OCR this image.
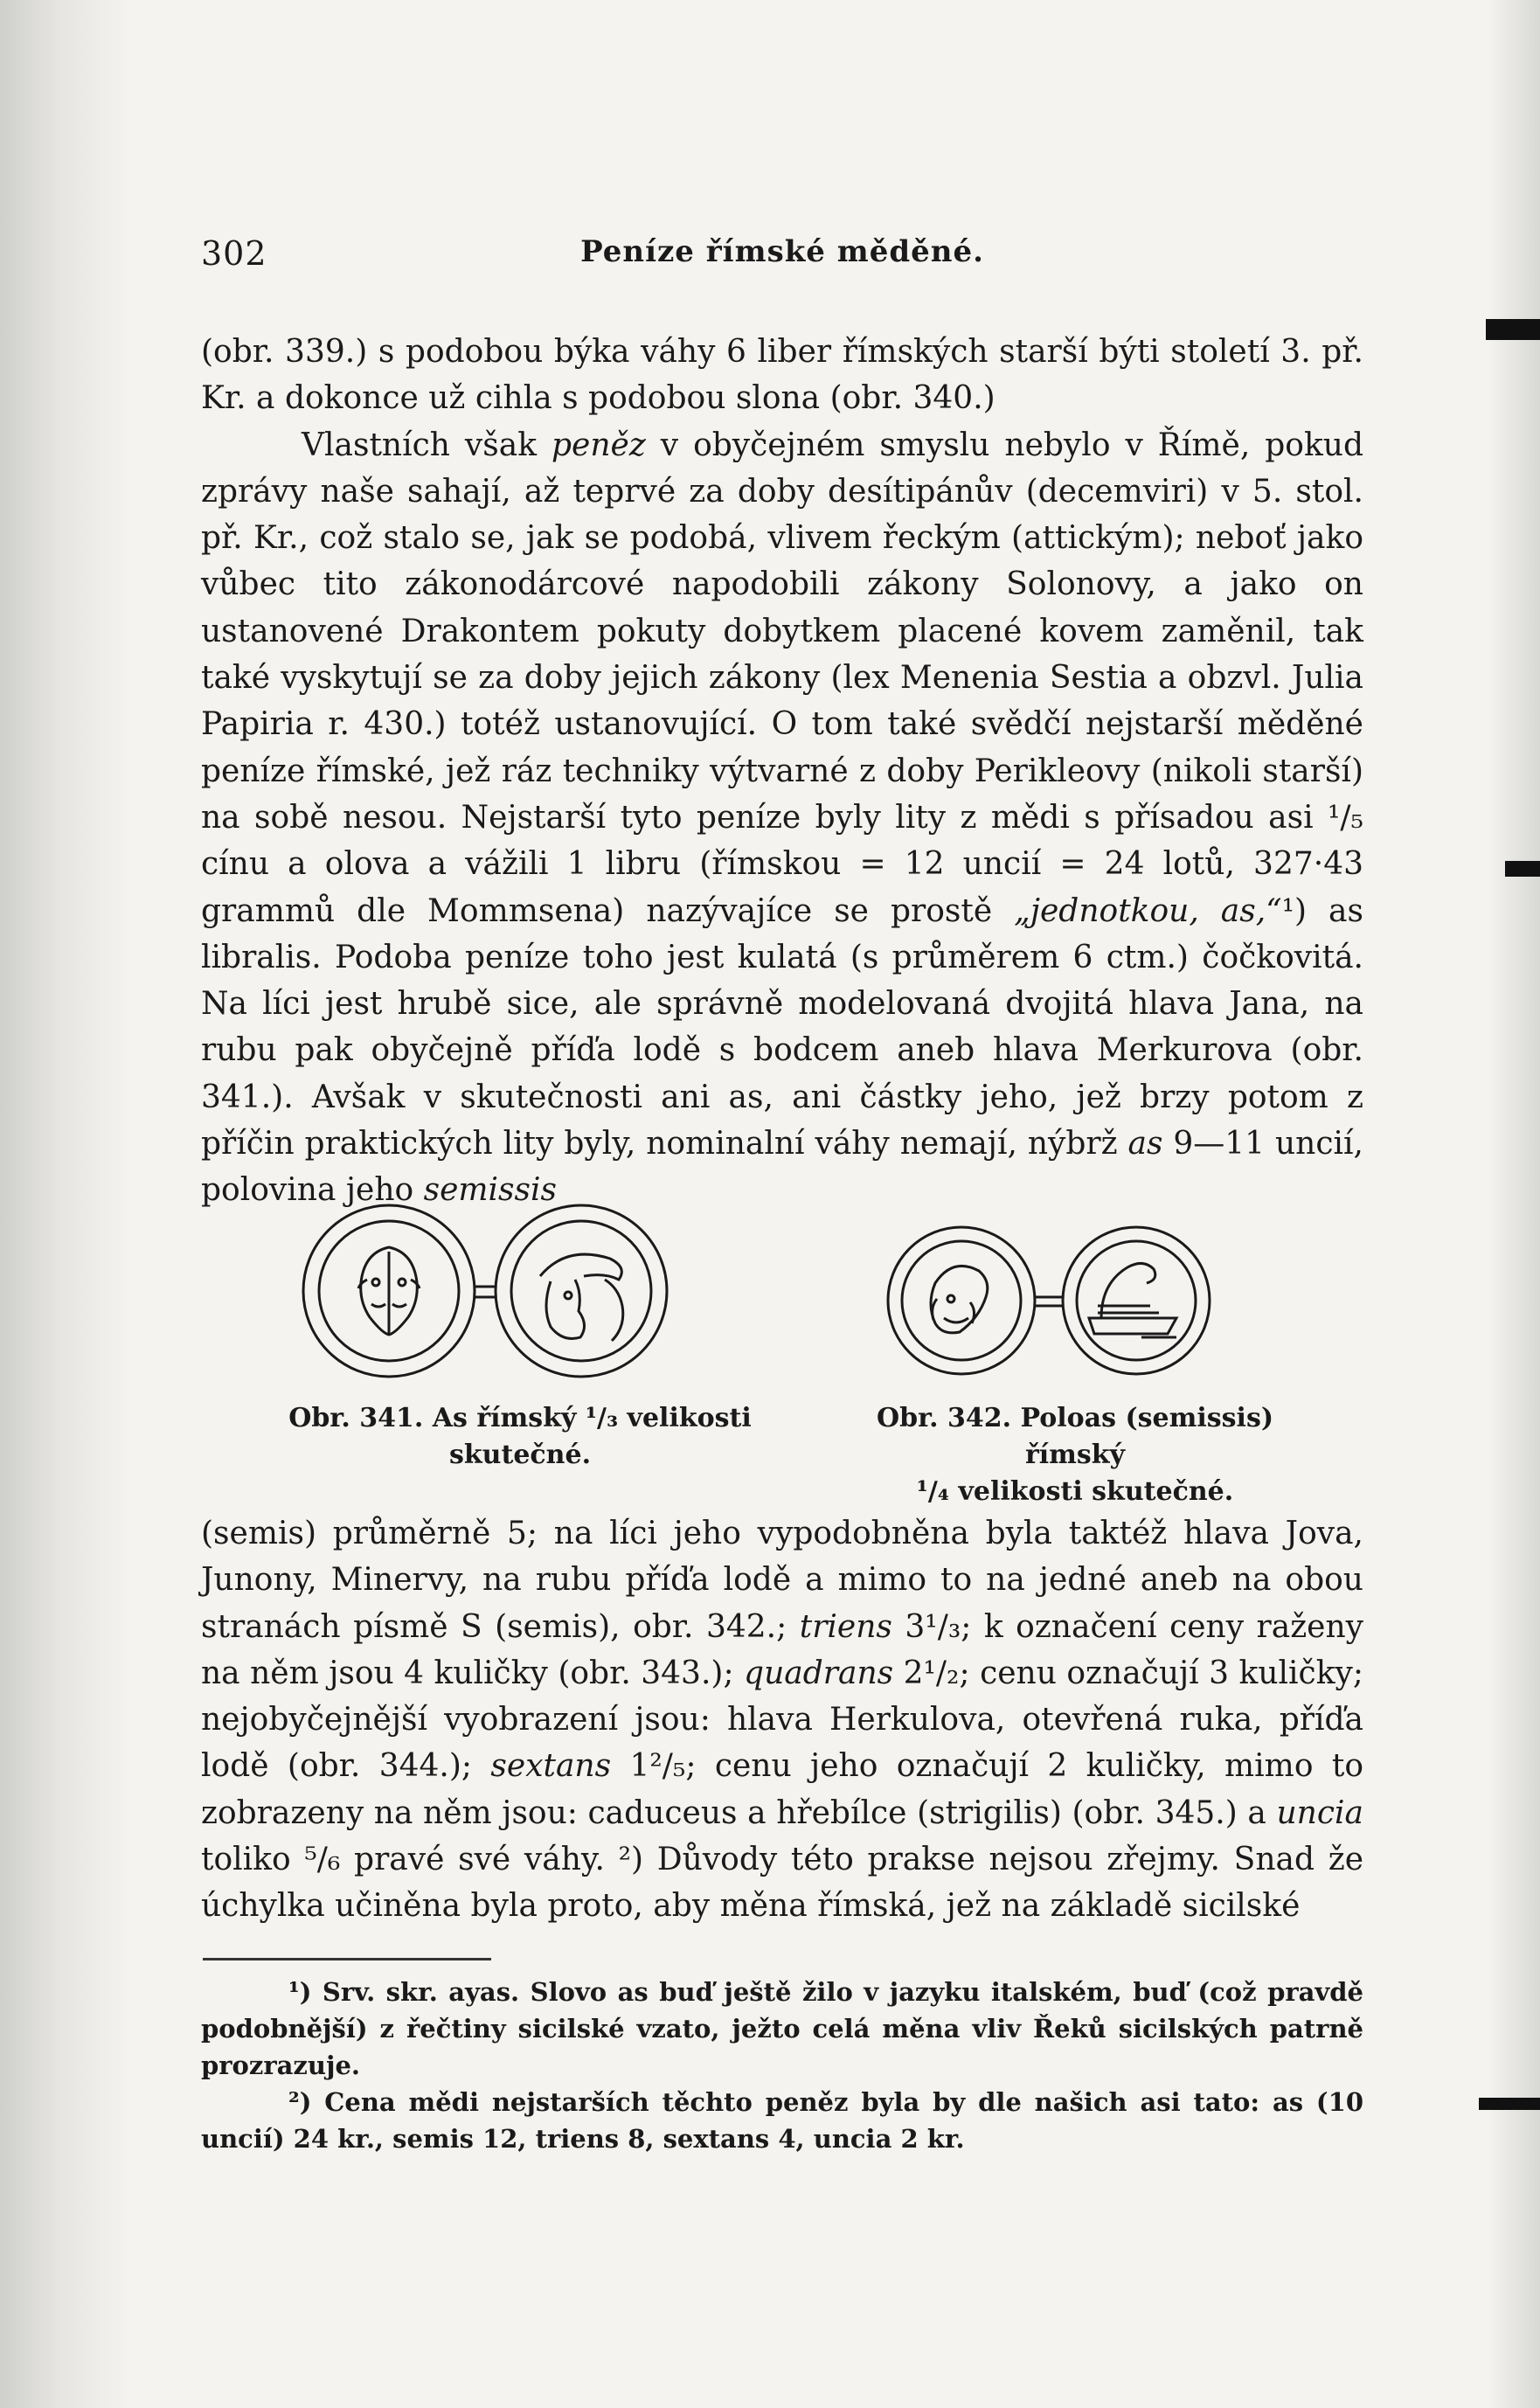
302	Peníze římské měděné.

(obr. 339.) s podobou býka váhy 6 liber římských starší býti století 3. př. Kr. a dokonce už cihla s podobou slona (obr. 340.)

Vlastních však peněz v obyčejném smyslu nebylo v Římě, pokud zprávy naše sahají, až teprvé za doby desítipánův (decemviri) v 5. stol. př. Kr., což stalo se, jak se podobá, vlivem řeckým (attickým); neboť jako vůbec tito zákonodárcové napodobili zákony Solonovy, a jako on ustanovené Drakontem pokuty dobytkem placené kovem zaměnil, tak také vyskytují se za doby jejich zákony (lex Menenia Sestia a obzvl. Julia Papiria r. 430.) totéž ustanovující. O tom také svědčí nejstarší měděné peníze římské, jež ráz techniky výtvarné z doby Perikleovy (nikoli starší) na sobě nesou. Nejstarší tyto peníze byly lity z mědi s přísadou asi ¹/₅ cínu a olova a vážili 1 libru (římskou = 12 uncií = 24 lotů, 327·43 grammů dle Mommsena) nazývajíce se prostě „jednotkou, as,“¹) as libralis. Podoba peníze toho jest kulatá (s průměrem 6 ctm.) čočkovitá. Na líci jest hrubě sice, ale správně modelovaná dvojitá hlava Jana, na rubu pak obyčejně příďa lodě s bodcem aneb hlava Merkurova (obr. 341.). Avšak v skutečnosti ani as, ani částky jeho, jež brzy potom z příčin praktických lity byly, nominalní váhy nemají, nýbrž as 9—11 uncií, polovina jeho semissis

Obr. 341. As římský ¹/₃ velikosti
skutečné.
Obr. 342. Poloas (semissis) římský
¹/₄ velikosti skutečné.

(semis) průměrně 5; na líci jeho vypodobněna byla taktéž hlava Jova, Junony, Minervy, na rubu příďa lodě a mimo to na jedné aneb na obou stranách písmě S (semis), obr. 342.; triens 3¹/₃; k označení ceny raženy na něm jsou 4 kuličky (obr. 343.); quadrans 2¹/₂; cenu označují 3 kuličky; nejobyčejnější vyobrazení jsou: hlava Herkulova, otevřená ruka, příďa lodě (obr. 344.); sextans 1²/₅; cenu jeho označují 2 kuličky, mimo to zobrazeny na něm jsou: caduceus a hřebílce (strigilis) (obr. 345.) a uncia toliko ⁵/₆ pravé své váhy. ²) Důvody této prakse nejsou zřejmy. Snad že úchylka učiněna byla proto, aby měna římská, jež na základě sicilské

¹) Srv. skr. ayas. Slovo as buď ještě žilo v jazyku italském, buď (což pravdě podobnější) z řečtiny sicilské vzato, ježto celá měna vliv Řeků sicilských patrně prozrazuje.

²) Cena mědi nejstarších těchto peněz byla by dle našich asi tato: as (10 uncií) 24 kr., semis 12, triens 8, sextans 4, uncia 2 kr.
